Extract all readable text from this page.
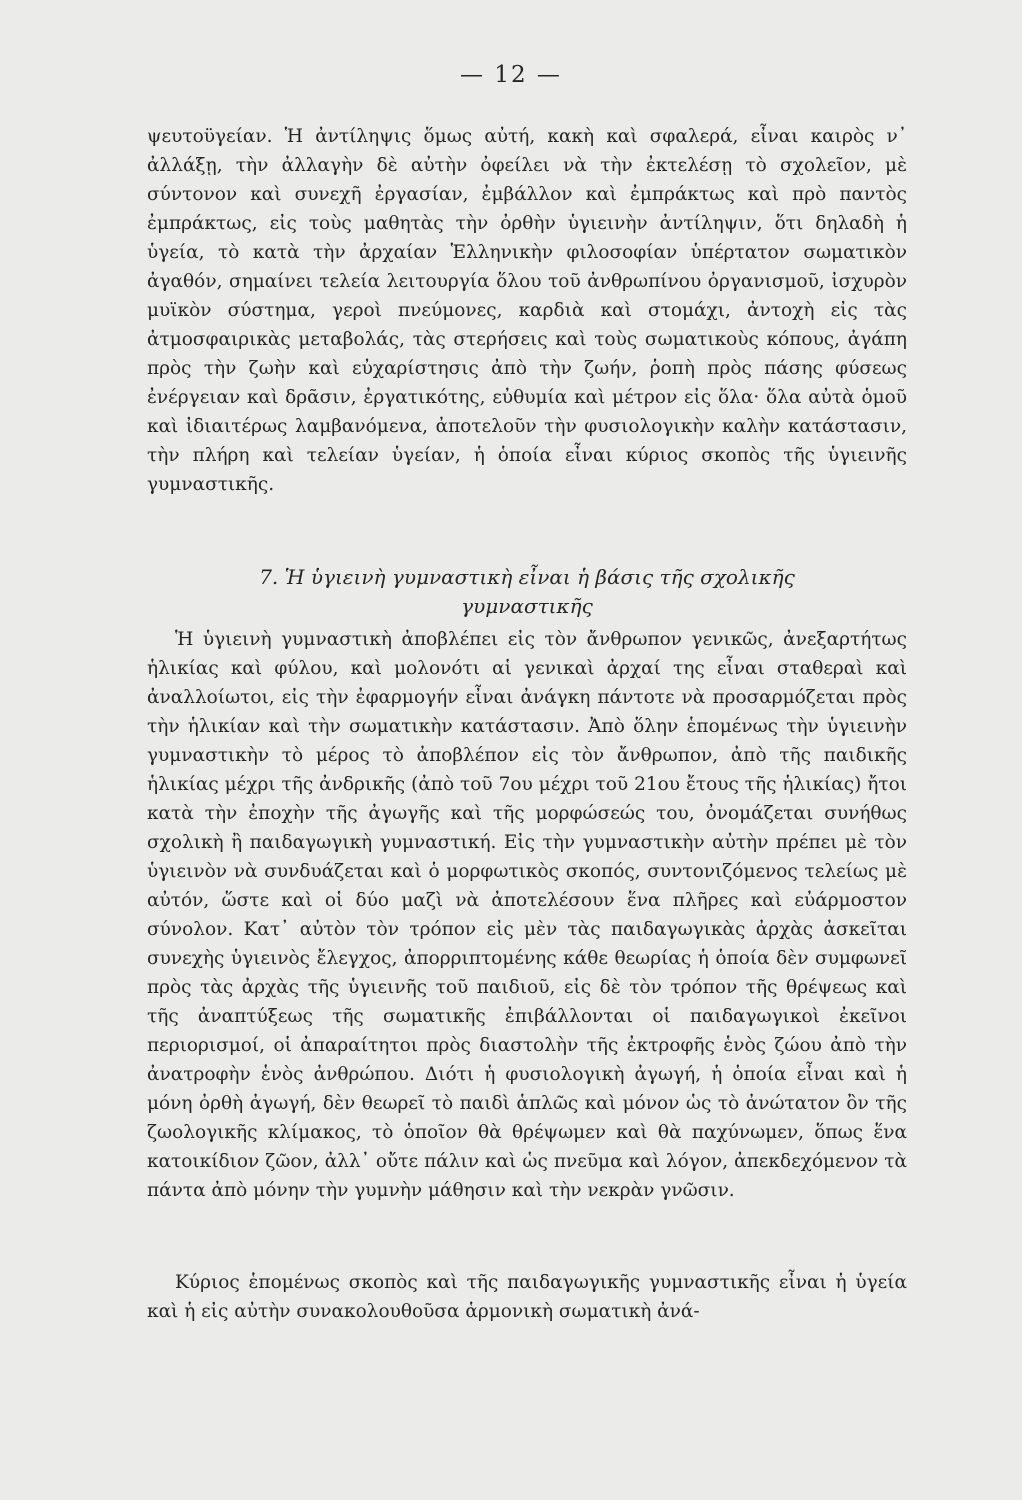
— 12 —

ψευτοϋγείαν. Ἡ ἀντίληψις ὅμως αὐτή, κακὴ καὶ σφαλερά, εἶναι καιρὸς ν᾿ ἀλλάξῃ, τὴν ἀλλαγὴν δὲ αὐτὴν ὀφείλει νὰ τὴν ἐκτελέσῃ τὸ σχολεῖον, μὲ σύντονον καὶ συνεχῆ ἐργασίαν, ἐμβάλλον καὶ ἐμπράκτως καὶ πρὸ παντὸς ἐμπράκτως, εἰς τοὺς μαθητὰς τὴν ὀρθὴν ὑγιεινὴν ἀντίληψιν, ὅτι δηλαδὴ ἡ ὑγεία, τὸ κατὰ τὴν ἀρχαίαν Ἑλληνικὴν φιλοσοφίαν ὑπέρτατον σωματικὸν ἀγαθόν, σημαίνει τελεία λειτουργία ὅλου τοῦ ἀνθρωπίνου ὀργανισμοῦ, ἰσχυρὸν μυϊκὸν σύστημα, γεροὶ πνεύμονες, καρδιὰ καὶ στομάχι, ἀντοχὴ εἰς τὰς ἀτμοσφαιρικὰς μεταβολάς, τὰς στερήσεις καὶ τοὺς σωματικοὺς κόπους, ἀγάπη πρὸς τὴν ζωὴν καὶ εὐχαρίστησις ἀπὸ τὴν ζωήν, ῥοπὴ πρὸς πάσης φύσεως ἐνέργειαν καὶ δρᾶσιν, ἐργατικότης, εὐθυμία καὶ μέτρον εἰς ὅλα· ὅλα αὐτὰ ὁμοῦ καὶ ἰδιαιτέρως λαμβανόμενα, ἀποτελοῦν τὴν φυσιολογικὴν καλὴν κατάστασιν, τὴν πλήρη καὶ τελείαν ὑγείαν, ἡ ὁποία εἶναι κύριος σκοπὸς τῆς ὑγιεινῆς γυμναστικῆς.

7. Ἡ ὑγιεινὴ γυμναστικὴ εἶναι ἡ βάσις τῆς σχολικῆς
γυμναστικῆς

Ἡ ὑγιεινὴ γυμναστικὴ ἀποβλέπει εἰς τὸν ἄνθρωπον γενικῶς, ἀνεξαρτήτως ἡλικίας καὶ φύλου, καὶ μολονότι αἱ γενικαὶ ἀρχαί της εἶναι σταθεραὶ καὶ ἀναλλοίωτοι, εἰς τὴν ἐφαρμογήν εἶναι ἀνάγκη πάντοτε νὰ προσαρμόζεται πρὸς τὴν ἡλικίαν καὶ τὴν σωματικὴν κατάστασιν. Ἀπὸ ὅλην ἑπομένως τὴν ὑγιεινὴν γυμναστικὴν τὸ μέρος τὸ ἀποβλέπον εἰς τὸν ἄνθρωπον, ἀπὸ τῆς παιδικῆς ἡλικίας μέχρι τῆς ἀνδρικῆς (ἀπὸ τοῦ 7ου μέχρι τοῦ 21ου ἔτους τῆς ἡλικίας) ἤτοι κατὰ τὴν ἐποχὴν τῆς ἀγωγῆς καὶ τῆς μορφώσεώς του, ὀνομάζεται συνήθως σχολικὴ ἢ παιδαγωγικὴ γυμναστική. Εἰς τὴν γυμναστικὴν αὐτὴν πρέπει μὲ τὸν ὑγιεινὸν νὰ συνδυάζεται καὶ ὁ μορφωτικὸς σκοπός, συντονιζόμενος τελείως μὲ αὐτόν, ὥστε καὶ οἱ δύο μαζὶ νὰ ἀποτελέσουν ἕνα πλῆρες καὶ εὐάρμοστον σύνολον. Κατ᾿ αὐτὸν τὸν τρόπον εἰς μὲν τὰς παιδαγωγικὰς ἀρχὰς ἀσκεῖται συνεχὴς ὑγιεινὸς ἔλεγχος, ἀπορριπτομένης κάθε θεωρίας ἡ ὁποία δὲν συμφωνεῖ πρὸς τὰς ἀρχὰς τῆς ὑγιεινῆς τοῦ παιδιοῦ, εἰς δὲ τὸν τρόπον τῆς θρέψεως καὶ τῆς ἀναπτύξεως τῆς σωματικῆς ἐπιβάλλονται οἱ παιδαγωγικοὶ ἐκεῖνοι περιορισμοί, οἱ ἀπαραίτητοι πρὸς διαστολὴν τῆς ἐκτροφῆς ἑνὸς ζώου ἀπὸ τὴν ἀνατροφὴν ἑνὸς ἀνθρώπου. Διότι ἡ φυσιολογικὴ ἀγωγή, ἡ ὁποία εἶναι καὶ ἡ μόνη ὀρθὴ ἀγωγή, δὲν θεωρεῖ τὸ παιδὶ ἁπλῶς καὶ μόνον ὡς τὸ ἀνώτατον ὂν τῆς ζωολογικῆς κλίμακος, τὸ ὁποῖον θὰ θρέψωμεν καὶ θὰ παχύνωμεν, ὅπως ἕνα κατοικίδιον ζῶον, ἀλλ᾿ οὔτε πάλιν καὶ ὡς πνεῦμα καὶ λόγον, ἀπεκδεχόμενον τὰ πάντα ἀπὸ μόνην τὴν γυμνὴν μάθησιν καὶ τὴν νεκρὰν γνῶσιν.

Κύριος ἑπομένως σκοπὸς καὶ τῆς παιδαγωγικῆς γυμναστικῆς εἶναι ἡ ὑγεία καὶ ἡ εἰς αὐτὴν συνακολουθοῦσα ἁρμονικὴ σωματικὴ ἀνά-
